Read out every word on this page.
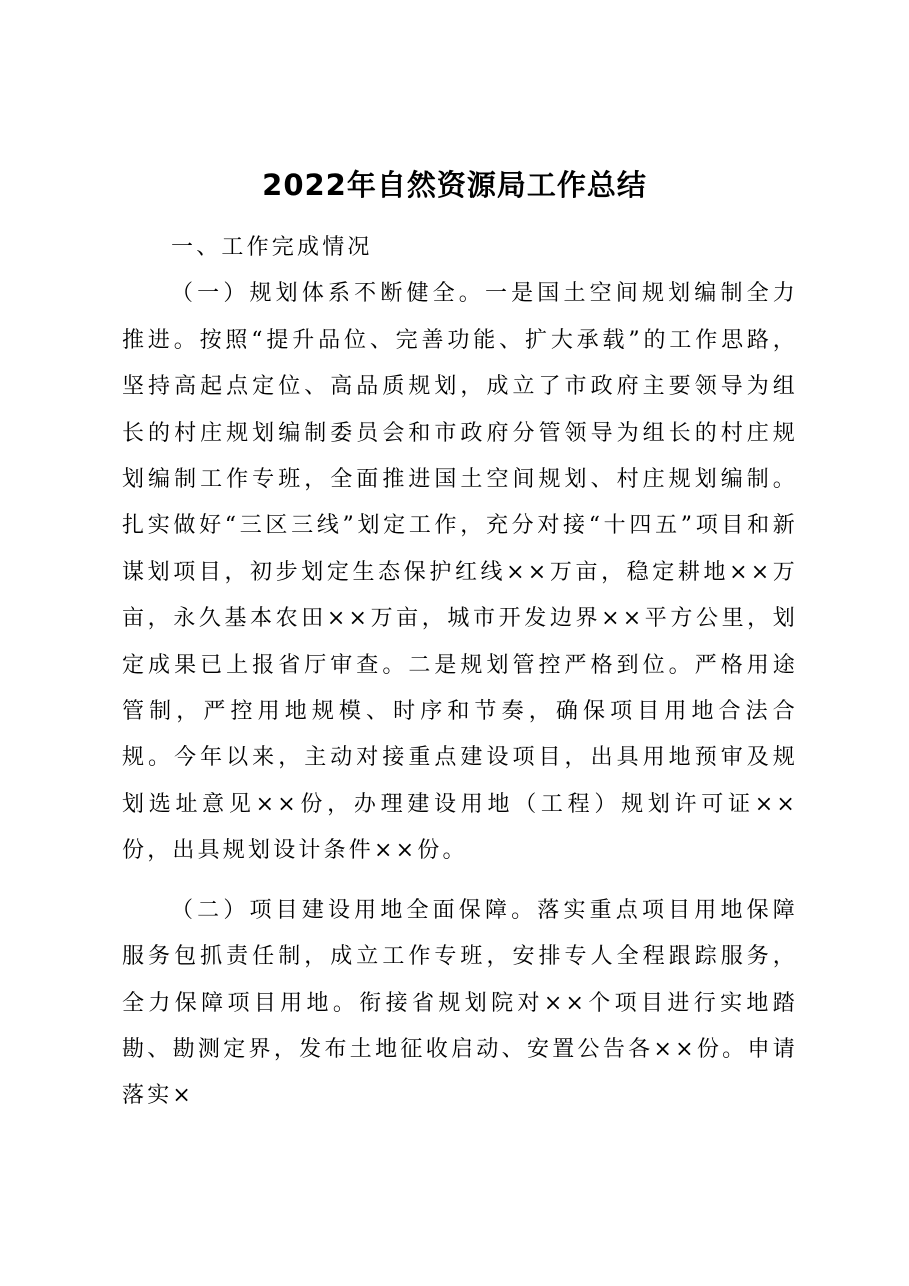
2022年自然资源局工作总结

一、工作完成情况

（一）规划体系不断健全。一是国土空间规划编制全力推进。按照“提升品位、完善功能、扩大承载”的工作思路，坚持高起点定位、高品质规划，成立了市政府主要领导为组长的村庄规划编制委员会和市政府分管领导为组长的村庄规划编制工作专班，全面推进国土空间规划、村庄规划编制。扎实做好“三区三线”划定工作，充分对接“十四五”项目和新谋划项目，初步划定生态保护红线××万亩，稳定耕地××万亩，永久基本农田××万亩，城市开发边界××平方公里，划定成果已上报省厅审查。二是规划管控严格到位。严格用途管制，严控用地规模、时序和节奏，确保项目用地合法合规。今年以来，主动对接重点建设项目，出具用地预审及规划选址意见××份，办理建设用地（工程）规划许可证××份，出具规划设计条件××份。

（二）项目建设用地全面保障。落实重点项目用地保障服务包抓责任制，成立工作专班，安排专人全程跟踪服务，全力保障项目用地。衔接省规划院对××个项目进行实地踏勘、勘测定界，发布土地征收启动、安置公告各××份。申请落实×
